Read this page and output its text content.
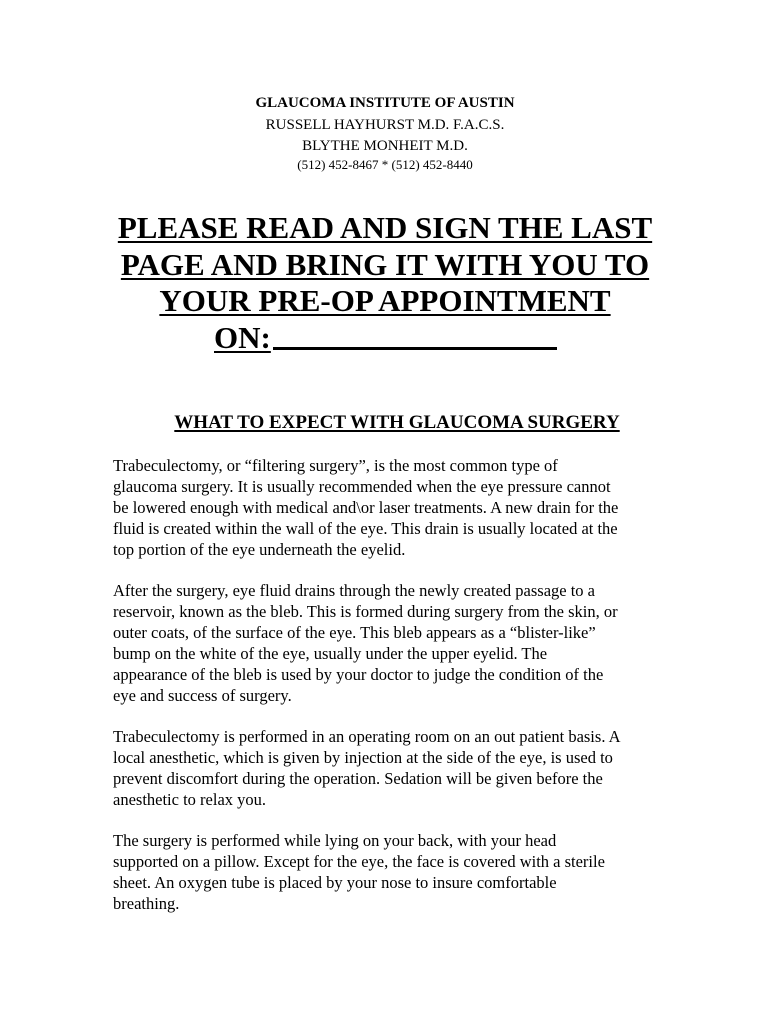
GLAUCOMA INSTITUTE OF AUSTIN
RUSSELL HAYHURST M.D. F.A.C.S.
BLYTHE MONHEIT M.D.
(512) 452-8467 * (512) 452-8440
PLEASE READ AND SIGN THE LAST
PAGE AND BRING IT WITH YOU TO
YOUR PRE-OP APPOINTMENT
ON:
WHAT TO EXPECT WITH GLAUCOMA SURGERY
Trabeculectomy, or “filtering surgery”, is the most common type of
glaucoma surgery. It is usually recommended when the eye pressure cannot
be lowered enough with medical and\or laser treatments. A new drain for the
fluid is created within the wall of the eye. This drain is usually located at the
top portion of the eye underneath the eyelid.
After the surgery, eye fluid drains through the newly created passage to a
reservoir, known as the bleb. This is formed during surgery from the skin, or
outer coats, of the surface of the eye. This bleb appears as a “blister-like”
bump on the white of the eye, usually under the upper eyelid. The
appearance of the bleb is used by your doctor to judge the condition of the
eye and success of surgery.
Trabeculectomy is performed in an operating room on an out patient basis. A
local anesthetic, which is given by injection at the side of the eye, is used to
prevent discomfort during the operation. Sedation will be given before the
anesthetic to relax you.
The surgery is performed while lying on your back, with your head
supported on a pillow. Except for the eye, the face is covered with a sterile
sheet. An oxygen tube is placed by your nose to insure comfortable
breathing.
